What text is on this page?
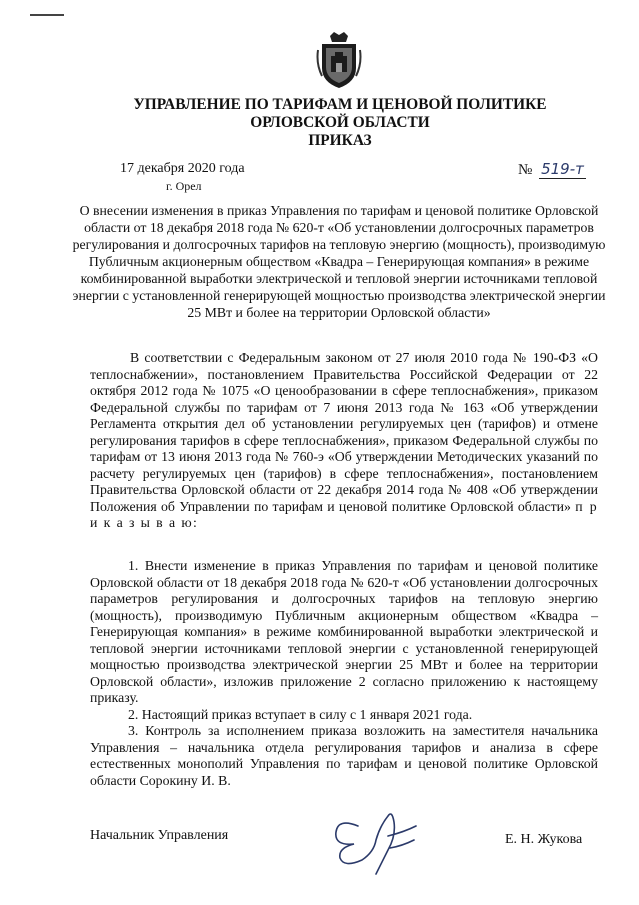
УПРАВЛЕНИЕ ПО ТАРИФАМ И ЦЕНОВОЙ ПОЛИТИКЕ
ОРЛОВСКОЙ ОБЛАСТИ
ПРИКАЗ
17 декабря 2020 года
г. Орел
№ 519-т
О внесении изменения в приказ Управления по тарифам и ценовой политике Орловской области от 18 декабря 2018 года № 620-т «Об установлении долгосрочных параметров регулирования и долгосрочных тарифов на тепловую энергию (мощность), производимую Публичным акционерным обществом «Квадра – Генерирующая компания» в режиме комбинированной выработки электрической и тепловой энергии источниками тепловой энергии с установленной генерирующей мощностью производства электрической энергии 25 МВт и более на территории Орловской области»
В соответствии с Федеральным законом от 27 июля 2010 года № 190-ФЗ «О теплоснабжении», постановлением Правительства Российской Федерации от 22 октября 2012 года № 1075 «О ценообразовании в сфере теплоснабжения», приказом Федеральной службы по тарифам от 7 июня 2013 года № 163 «Об утверждении Регламента открытия дел об установлении регулируемых цен (тарифов) и отмене регулирования тарифов в сфере теплоснабжения», приказом Федеральной службы по тарифам от 13 июня 2013 года № 760-э «Об утверждении Методических указаний по расчету регулируемых цен (тарифов) в сфере теплоснабжения», постановлением Правительства Орловской области от 22 декабря 2014 года № 408 «Об утверждении Положения об Управлении по тарифам и ценовой политике Орловской области» п р и к а з ы в а ю:

1. Внести изменение в приказ Управления по тарифам и ценовой политике Орловской области от 18 декабря 2018 года № 620-т «Об установлении долгосрочных параметров регулирования и долгосрочных тарифов на тепловую энергию (мощность), производимую Публичным акционерным обществом «Квадра – Генерирующая компания» в режиме комбинированной выработки электрической и тепловой энергии источниками тепловой энергии с установленной генерирующей мощностью производства электрической энергии 25 МВт и более на территории Орловской области», изложив приложение 2 согласно приложению к настоящему приказу.

2. Настоящий приказ вступает в силу с 1 января 2021 года.

3. Контроль за исполнением приказа возложить на заместителя начальника Управления – начальника отдела регулирования тарифов и анализа в сфере естественных монополий Управления по тарифам и ценовой политике Орловской области Сорокину И. В.

Начальник Управления	Е. Н. Жукова
